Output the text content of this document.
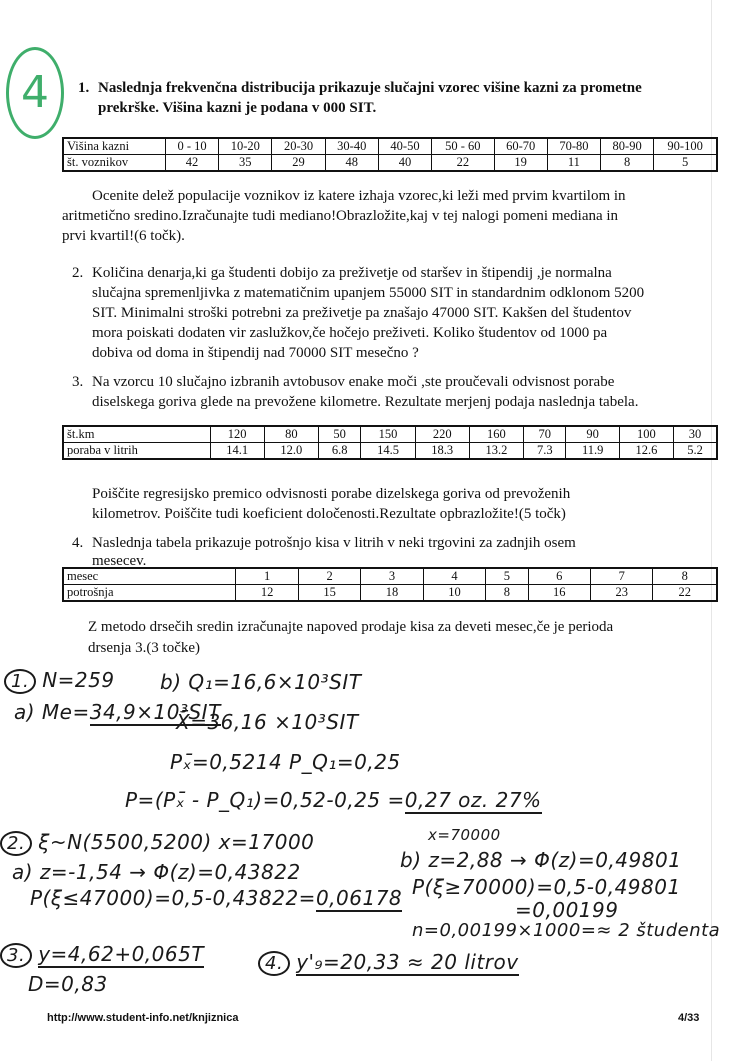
4	1. Naslednja frekvenčna distribucija prikazuje slučajni vzorec višine kazni za prometne
prekrške. Višina kazni je podana v 000 SIT.
Višina kazni	0 - 10	10-20	20-30	30-40	40-50	50 - 60	60-70	70-80	80-90	90-100
št. voznikov	42	35	29	48	40	22	19	11	8	5
Ocenite delež populacije voznikov iz katere izhaja vzorec,ki leži med prvim kvartilom in
aritmetično sredino.Izračunajte tudi mediano!Obrazložite,kaj v tej nalogi pomeni mediana in
prvi kvartil!(6 točk).
2. Količina denarja,ki ga študenti dobijo za preživetje od staršev in štipendij ,je normalna
slučajna spremenljivka z matematičnim upanjem 55000 SIT in standardnim odklonom 5200
SIT. Minimalni stroški potrebni za preživetje pa znašajo 47000 SIT. Kakšen del študentov
mora poiskati dodaten vir zaslužkov,če hočejo preživeti. Koliko študentov od 1000 pa
dobiva od doma in štipendij nad 70000 SIT mesečno ?
3. Na vzorcu 10 slučajno izbranih avtobusov enake moči ,ste proučevali odvisnost porabe
diselskega goriva glede na prevožene kilometre. Rezultate merjenj podaja naslednja tabela.
št.km	120	80	50	150	220	160	70	90	100	30
poraba v litrih	14.1	12.0	6.8	14.5	18.3	13.2	7.3	11.9	12.6	5.2
Poiščite regresijsko premico odvisnosti porabe dizelskega goriva od prevoženih
kilometrov. Poiščite tudi koeficient določenosti.Rezultate opbrazložite!(5 točk)
4. Naslednja tabela prikazuje potrošnjo kisa v litrih v neki trgovini za zadnjih osem
mesecev.
mesec	1	2	3	4	5	6	7	8
potrošnja	12	15	18	10	8	16	23	22
Z metodo drsečih sredin izračunajte napoved prodaje kisa za deveti mesec,če je perioda
drsenja 3.(3 točke)
1. N=259 b) Q₁=16,6×10³SIT
a) Me=34,9×10³SIT
X̄=36,16 ×10³SIT
Pₓ̄=0,5214 P_Q₁=0,25
P=(Pₓ̄ - P_Q₁)=0,52-0,25 =0,27 oz. 27%
2. ξ~N(5500,5200) x=17000
a) z=-1,54 → Φ(z)=0,43822
P(ξ≤47000)=0,5-0,43822=0,06178
x=70000
b) z=2,88 → Φ(z)=0,49801
P(ξ≥70000)=0,5-0,49801
=0,00199
n=0,00199×1000=≈ 2 študenta
3. y=4,62+0,065T
D=0,83
4. y'₉=20,33 ≈ 20 litrov
http://www.student-info.net/knjiznica	4/33
